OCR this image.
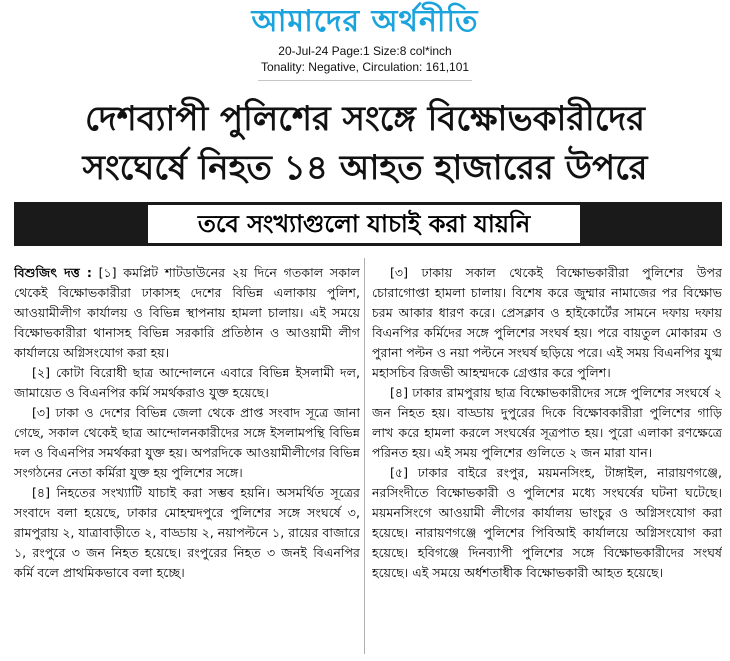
আমাদের অর্থনীতি
20-Jul-24 Page:1 Size:8 col*inch
Tonality: Negative, Circulation: 161,101
দেশব্যাপী পুলিশের সংঙ্গে বিক্ষোভকারীদের
সংঘের্ষে নিহত ১৪ আহত হাজারের উপরে
তবে সংখ্যাগুলো যাচাই করা যায়নি

বিশুজিৎ দত্ত : [১] কমপ্লিট শাটডাউনের ২য় দিনে গতকাল সকাল থেকেই বিক্ষোভকারীরা ঢাকাসহ দেশের বিভিন্ন এলাকায় পুলিশ, আওয়ামীলীগ কার্যালয় ও বিভিন্ন স্থাপনায় হামলা চালায়। এই সময়ে বিক্ষোভকারীরা থানাসহ বিভিন্ন সরকারি প্রতিষ্ঠান ও আওয়ামী লীগ কার্যালয়ে অগ্নিসংযোগ করা হয়।

[২] কোটা বিরোধী ছাত্র আন্দোলনে এবারে বিভিন্ন ইসলামী দল, জামায়েত ও বিএনপির কর্মি সমর্থকরাও যুক্ত হয়েছে।

[৩] ঢাকা ও দেশের বিভিন্ন জেলা থেকে প্রাপ্ত সংবাদ সূত্রে জানা গেছে, সকাল থেকেই ছাত্র আন্দোলনকারীদের সঙ্গে ইসলামপন্থি বিভিন্ন দল ও বিএনপির সমর্থকরা যুক্ত হয়। অপরদিকে আওয়ামীলীগের বিভিন্ন সংগঠনের নেতা কর্মিরা যুক্ত হয় পুলিশের সঙ্গে।

[৪] নিহতের সংখ্যাটি যাচাই করা সম্ভব হয়নি। অসমর্থিত সূত্রের সংবাদে বলা হয়েছে, ঢাকার মোহম্মদপুরে পুলিশের সঙ্গে সংঘর্ষে ৩, রামপুরায় ২, যাত্রাবাড়ীতে ২, বাড্ডায় ২, নয়াপল্টনে ১, রায়ের বাজারে ১, রংপুরে ৩ জন নিহত হয়েছে। রংপুরের নিহত ৩ জনই বিএনপির কর্মি বলে প্রাথমিকভাবে বলা হচ্ছে।

[৩] ঢাকায় সকাল থেকেই বিক্ষোভকারীরা পুলিশের উপর চোরাগোপ্তা হামলা চালায়। বিশেষ করে জুম্মার নামাজের পর বিক্ষোভ চরম আকার ধারণ করে। প্রেসক্লাব ও হাইকোর্টের সামনে দফায় দফায় বিএনপির কর্মিদের সঙ্গে পুলিশের সংঘর্ষ হয়। পরে বায়তুল মোকারম ও পুরানা পল্টন ও নয়া পল্টনে সংঘর্ষ ছড়িয়ে পরে। এই সময় বিএনপির যুগ্ম মহাসচিব রিজভী আহম্মদকে গ্রেপ্তার করে পুলিশ।

[৪] ঢাকার রামপুরায় ছাত্র বিক্ষোভকারীদের সঙ্গে পুলিশের সংঘর্ষে ২ জন নিহত হয়। বাড্ডায় দুপুরের দিকে বিক্ষোবকারীরা পুলিশের গাড়ি লাখ করে হামলা করলে সংঘর্ষের সূত্রপাত হয়। পুরো এলাকা রণক্ষেত্রে পরিনত হয়। এই সময় পুলিশের গুলিতে ২ জন মারা যান।

[৫] ঢাকার বাইরে রংপুর, ময়মনসিংহ, টাঙ্গাইল, নারায়ণগঞ্জে, নরসিংদীতে বিক্ষোভকারী ও পুলিশের মধ্যে সংঘর্ষের ঘটনা ঘটেছে। ময়মনসিংগে আওয়ামী লীগের কার্যালয় ভাংচুর ও অগ্নিসংযোগ করা হয়েছে। নারায়ণগঞ্জে পুলিশের পিবিআই কার্যালয়ে অগ্নিসংযোগ করা হয়েছে। হবিগঞ্জে দিনব্যাপী পুলিশের সঙ্গে বিক্ষোভকারীদের সংঘর্ষ হয়েছে। এই সময়ে অর্ধশতাধীক বিক্ষোভকারী আহত হয়েছে।
